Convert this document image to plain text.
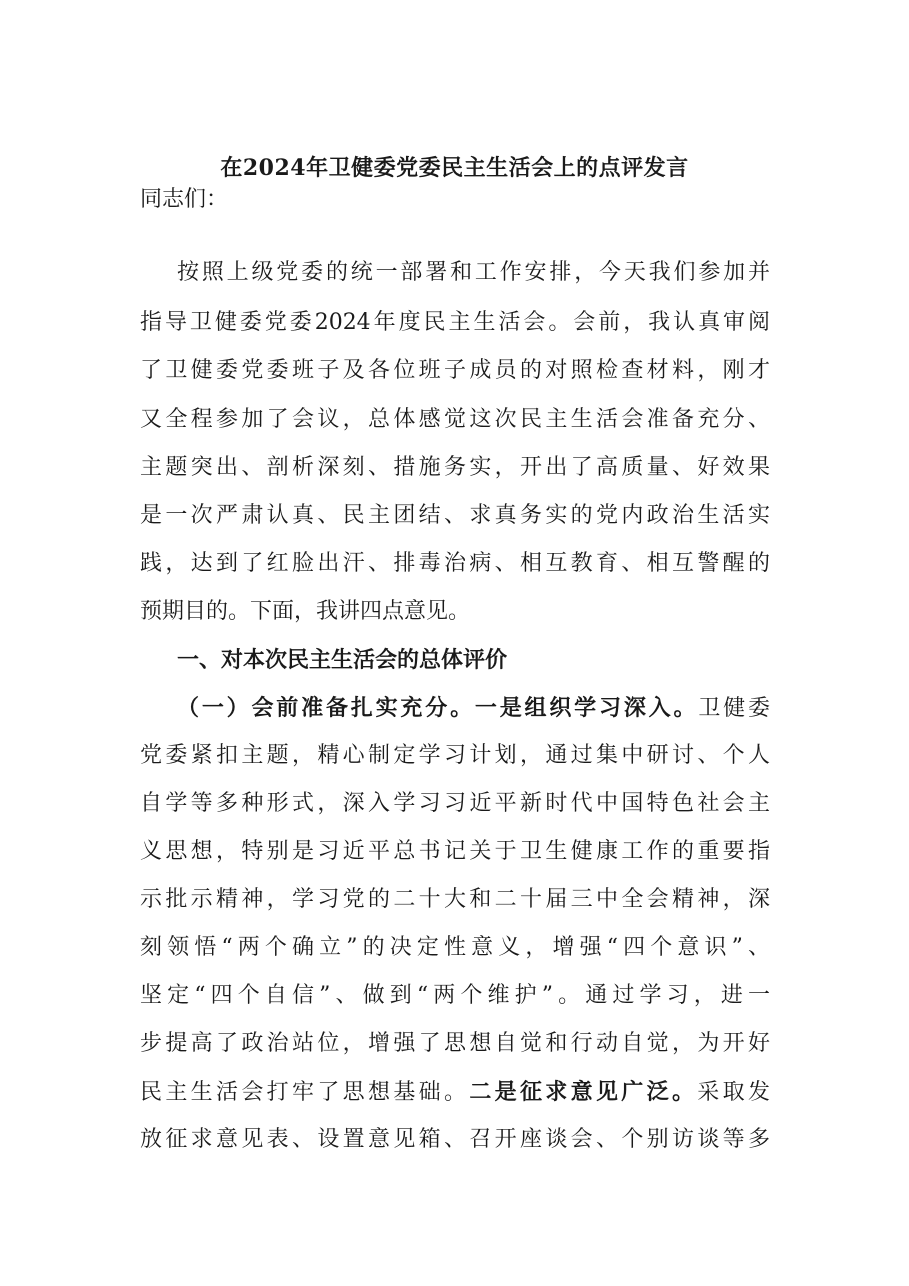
在2024年卫健委党委民主生活会上的点评发言
同志们：
按照上级党委的统一部署和工作安排，今天我们参加并
指导卫健委党委2024年度民主生活会。会前，我认真审阅
了卫健委党委班子及各位班子成员的对照检查材料，刚才
又全程参加了会议，总体感觉这次民主生活会准备充分、
主题突出、剖析深刻、措施务实，开出了高质量、好效果
是一次严肃认真、民主团结、求真务实的党内政治生活实
践，达到了红脸出汗、排毒治病、相互教育、相互警醒的
预期目的。下面，我讲四点意见。
一、对本次民主生活会的总体评价
（一）会前准备扎实充分。一是组织学习深入。卫健委
党委紧扣主题，精心制定学习计划，通过集中研讨、个人
自学等多种形式，深入学习习近平新时代中国特色社会主
义思想，特别是习近平总书记关于卫生健康工作的重要指
示批示精神，学习党的二十大和二十届三中全会精神，深
刻领悟“两个确立”的决定性意义，增强“四个意识”、
坚定“四个自信”、做到“两个维护”。通过学习，进一
步提高了政治站位，增强了思想自觉和行动自觉，为开好
民主生活会打牢了思想基础。二是征求意见广泛。采取发
放征求意见表、设置意见箱、召开座谈会、个别访谈等多
